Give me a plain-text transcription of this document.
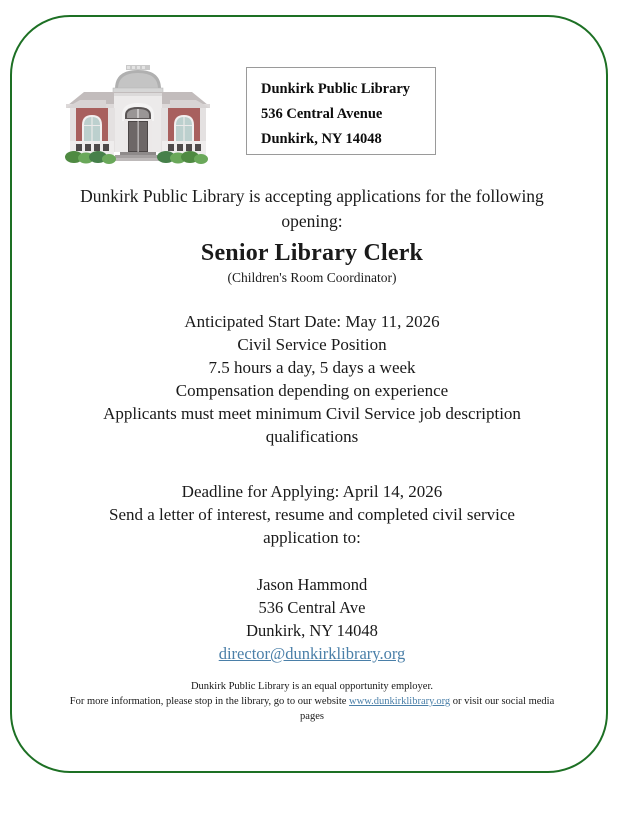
Dunkirk Public Library
536 Central Avenue
Dunkirk, NY 14048
Dunkirk Public Library is accepting applications for the following opening:
Senior Library Clerk
(Children's Room Coordinator)
Anticipated Start Date: May 11, 2026
Civil Service Position
7.5 hours a day, 5 days a week
Compensation depending on experience
Applicants must meet minimum Civil Service job description qualifications
Deadline for Applying: April 14, 2026
Send a letter of interest, resume and completed civil service application to:
Jason Hammond
536 Central Ave
Dunkirk, NY 14048
director@dunkirklibrary.org
Dunkirk Public Library is an equal opportunity employer.
For more information, please stop in the library, go to our website www.dunkirklibrary.org or visit our social media pages
